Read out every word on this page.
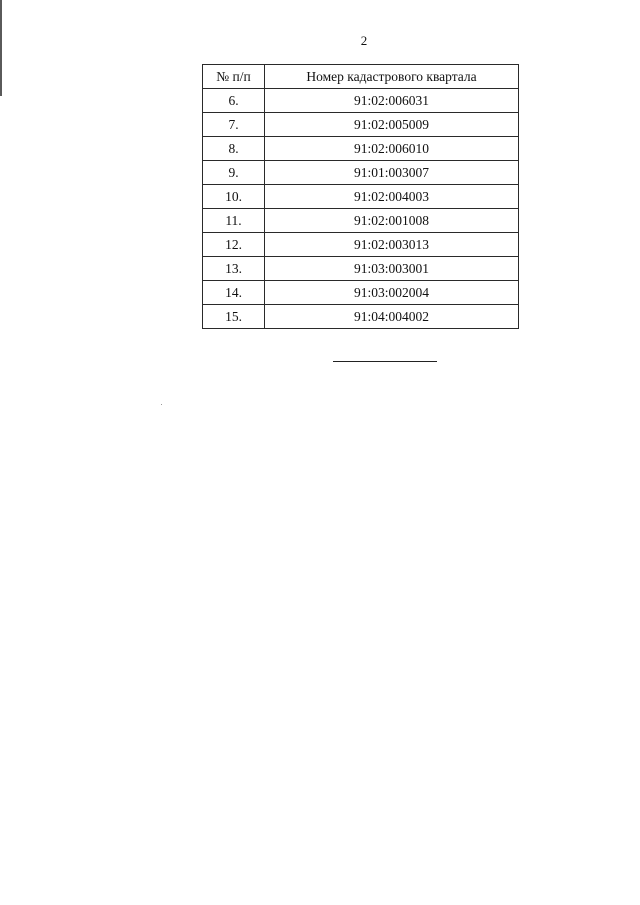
2
№ п/п	Номер кадастрового квартала
6.	91:02:006031
7.	91:02:005009
8.	91:02:006010
9.	91:01:003007
10.	91:02:004003
11.	91:02:001008
12.	91:02:003013
13.	91:03:003001
14.	91:03:002004
15.	91:04:004002
